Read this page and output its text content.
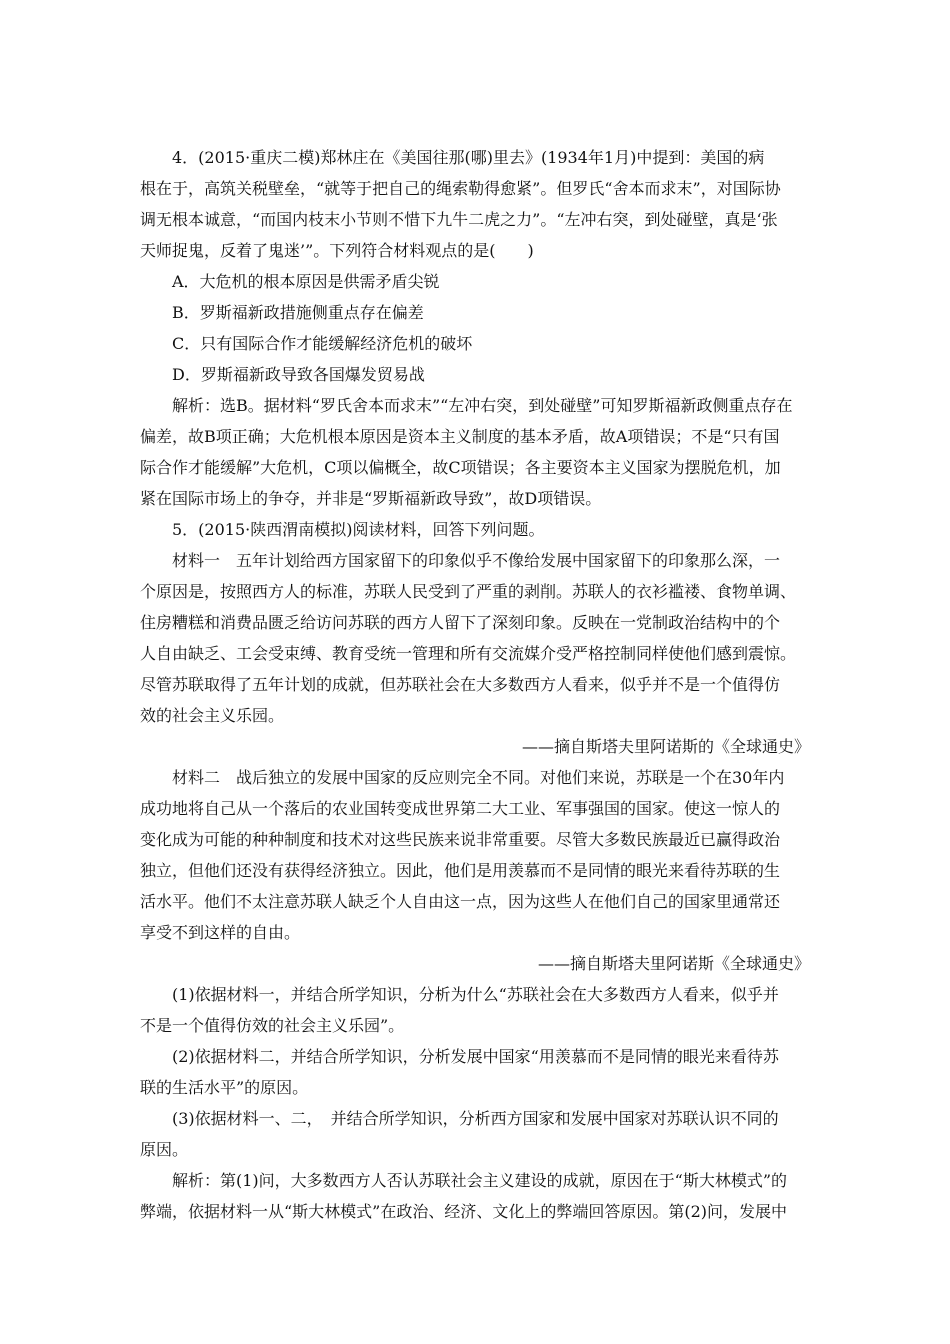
4．(2015·重庆二模)郑林庄在《美国往那(哪)里去》(1934年1月)中提到：美国的病
根在于，高筑关税壁垒，“就等于把自己的绳索勒得愈紧”。但罗氏“舍本而求末”，对国际协
调无根本诚意，“而国内枝末小节则不惜下九牛二虎之力”。“左冲右突，到处碰壁，真是‘张
天师捉鬼，反着了鬼迷’”。下列符合材料观点的是(　　)
A．大危机的根本原因是供需矛盾尖锐
B．罗斯福新政措施侧重点存在偏差
C．只有国际合作才能缓解经济危机的破坏
D．罗斯福新政导致各国爆发贸易战
解析：选B。据材料“罗氏舍本而求末”“左冲右突，到处碰壁”可知罗斯福新政侧重点存在
偏差，故B项正确；大危机根本原因是资本主义制度的基本矛盾，故A项错误；不是“只有国
际合作才能缓解”大危机，C项以偏概全，故C项错误；各主要资本主义国家为摆脱危机，加
紧在国际市场上的争夺，并非是“罗斯福新政导致”，故D项错误。
5．(2015·陕西渭南模拟)阅读材料，回答下列问题。
材料一　五年计划给西方国家留下的印象似乎不像给发展中国家留下的印象那么深，一
个原因是，按照西方人的标准，苏联人民受到了严重的剥削。苏联人的衣衫褴褛、食物单调、
住房糟糕和消费品匮乏给访问苏联的西方人留下了深刻印象。反映在一党制政治结构中的个
人自由缺乏、工会受束缚、教育受统一管理和所有交流媒介受严格控制同样使他们感到震惊。
尽管苏联取得了五年计划的成就，但苏联社会在大多数西方人看来，似乎并不是一个值得仿
效的社会主义乐园。
——摘自斯塔夫里阿诺斯的《全球通史》
材料二　战后独立的发展中国家的反应则完全不同。对他们来说，苏联是一个在30年内
成功地将自己从一个落后的农业国转变成世界第二大工业、军事强国的国家。使这一惊人的
变化成为可能的种种制度和技术对这些民族来说非常重要。尽管大多数民族最近已赢得政治
独立，但他们还没有获得经济独立。因此，他们是用羡慕而不是同情的眼光来看待苏联的生
活水平。他们不太注意苏联人缺乏个人自由这一点，因为这些人在他们自己的国家里通常还
享受不到这样的自由。
——摘自斯塔夫里阿诺斯《全球通史》
(1)依据材料一，并结合所学知识，分析为什么“苏联社会在大多数西方人看来，似乎并
不是一个值得仿效的社会主义乐园”。
(2)依据材料二，并结合所学知识，分析发展中国家“用羡慕而不是同情的眼光来看待苏
联的生活水平”的原因。
(3)依据材料一、二，　并结合所学知识，分析西方国家和发展中国家对苏联认识不同的
原因。
解析：第(1)问，大多数西方人否认苏联社会主义建设的成就，原因在于“斯大林模式”的
弊端，依据材料一从“斯大林模式”在政治、经济、文化上的弊端回答原因。第(2)问，发展中
